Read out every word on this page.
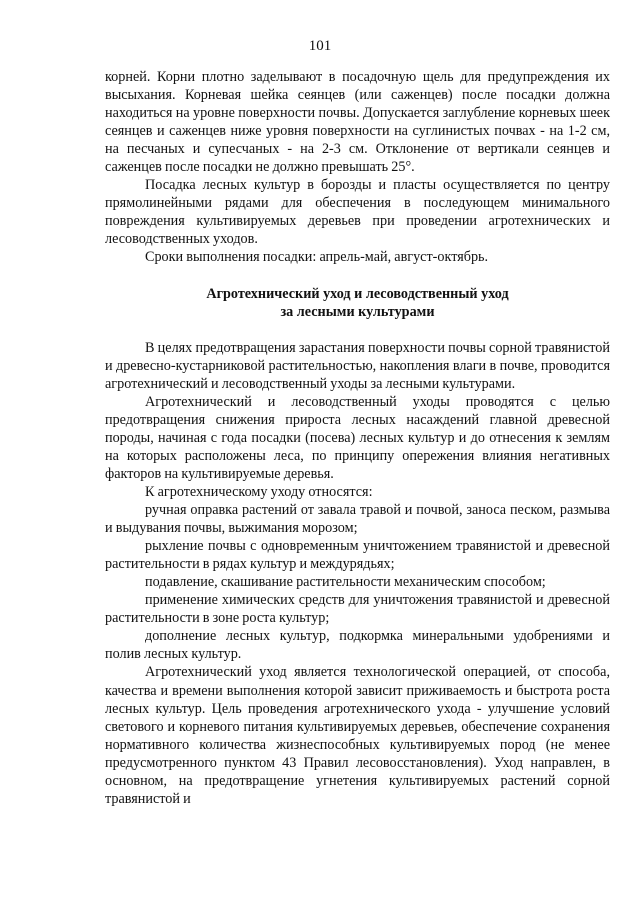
101

корней. Корни плотно заделывают в посадочную щель для предупреждения их высыхания. Корневая шейка сеянцев (или саженцев) после посадки должна находиться на уровне поверхности почвы. Допускается заглубление корневых шеек сеянцев и саженцев ниже уровня поверхности на суглинистых почвах - на 1-2 см, на песчаных и супесчаных - на 2-3 см. Отклонение от вертикали сеянцев и саженцев после посадки не должно превышать 25°.

Посадка лесных культур в борозды и пласты осуществляется по центру прямолинейными рядами для обеспечения в последующем минимального повреждения культивируемых деревьев при проведении агротехнических и лесоводственных уходов.

Сроки выполнения посадки: апрель-май, август-октябрь.

Агротехнический уход и лесоводственный уход

за лесными культурами

В целях предотвращения зарастания поверхности почвы сорной травянистой и древесно-кустарниковой растительностью, накопления влаги в почве, проводится агротехнический и лесоводственный уходы за лесными культурами.

Агротехнический и лесоводственный уходы проводятся с целью предотвращения снижения прироста лесных насаждений главной древесной породы, начиная с года посадки (посева) лесных культур и до отнесения к землям на которых расположены леса, по принципу опережения влияния негативных факторов на культивируемые деревья.

К агротехническому уходу относятся:

ручная оправка растений от завала травой и почвой, заноса песком, размыва и выдувания почвы, выжимания морозом;

рыхление почвы с одновременным уничтожением травянистой и древесной растительности в рядах культур и междурядьях;

подавление, скашивание растительности механическим способом;

применение химических средств для уничтожения травянистой и древесной растительности в зоне роста культур;

дополнение лесных культур, подкормка минеральными удобрениями и полив лесных культур.

Агротехнический уход является технологической операцией, от способа, качества и времени выполнения которой зависит приживаемость и быстрота роста лесных культур. Цель проведения агротехнического ухода - улучшение условий светового и корневого питания культивируемых деревьев, обеспечение сохранения нормативного количества жизнеспособных культивируемых пород (не менее предусмотренного пунктом 43 Правил лесовосстановления). Уход направлен, в основном, на предотвращение угнетения культивируемых растений сорной травянистой и
